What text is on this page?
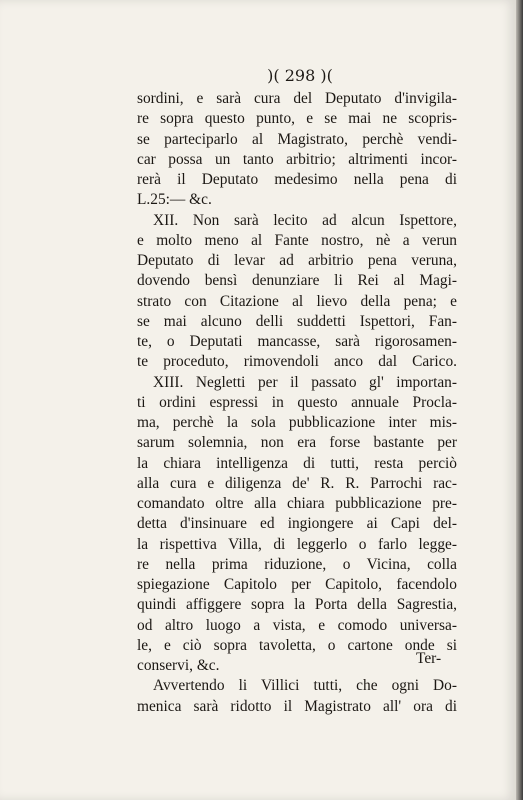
)( 298 )(
sordini, e sarà cura del Deputato d'invigila-
re sopra questo punto, e se mai ne scopris-
se parteciparlo al Magistrato, perchè vendi-
car possa un tanto arbitrio; altrimenti incor-
rerà il Deputato medesimo nella pena di
L.25:— &c.
XII. Non sarà lecito ad alcun Ispettore,
e molto meno al Fante nostro, nè a verun
Deputato di levar ad arbitrio pena veruna,
dovendo bensì denunziare li Rei al Magi-
strato con Citazione al lievo della pena; e
se mai alcuno delli suddetti Ispettori, Fan-
te, o Deputati mancasse, sarà rigorosamen-
te proceduto, rimovendoli anco dal Carico.
XIII. Negletti per il passato gl' importan-
ti ordini espressi in questo annuale Procla-
ma, perchè la sola pubblicazione inter mis-
sarum solemnia, non era forse bastante per
la chiara intelligenza di tutti, resta perciò
alla cura e diligenza de' R. R. Parrochi rac-
comandato oltre alla chiara pubblicazione pre-
detta d'insinuare ed ingiongere ai Capi del-
la rispettiva Villa, di leggerlo o farlo legge-
re nella prima riduzione, o Vicina, colla
spiegazione Capitolo per Capitolo, facendolo
quindi affiggere sopra la Porta della Sagrestia,
od altro luogo a vista, e comodo universa-
le, e ciò sopra tavoletta, o cartone onde si
conservi, &c.
Avvertendo li Villici tutti, che ogni Do-
menica sarà ridotto il Magistrato all' ora di
Ter-
